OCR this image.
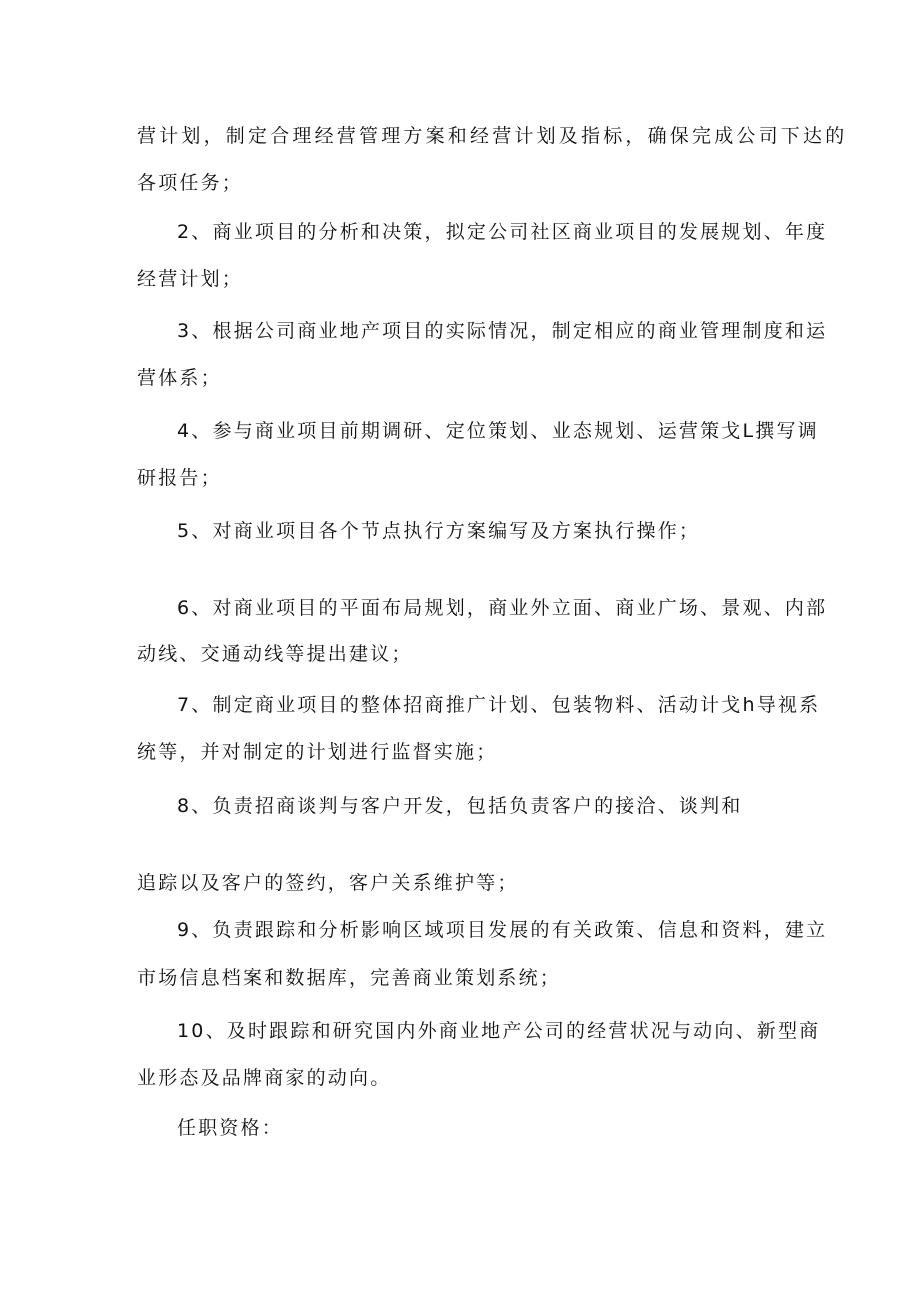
营计划，制定合理经营管理方案和经营计划及指标，确保完成公司下达的
各项任务；
2、商业项目的分析和决策，拟定公司社区商业项目的发展规划、年度
经营计划；
3、根据公司商业地产项目的实际情况，制定相应的商业管理制度和运
营体系；
4、参与商业项目前期调研、定位策划、业态规划、运营策戈L撰写调
研报告；
5、对商业项目各个节点执行方案编写及方案执行操作；
6、对商业项目的平面布局规划，商业外立面、商业广场、景观、内部
动线、交通动线等提出建议；
7、制定商业项目的整体招商推广计划、包装物料、活动计戈h导视系
统等，并对制定的计划进行监督实施；
8、负责招商谈判与客户开发，包括负责客户的接洽、谈判和
追踪以及客户的签约，客户关系维护等；
9、负责跟踪和分析影响区域项目发展的有关政策、信息和资料，建立
市场信息档案和数据库，完善商业策划系统；
10、及时跟踪和研究国内外商业地产公司的经营状况与动向、新型商
业形态及品牌商家的动向。
任职资格：
